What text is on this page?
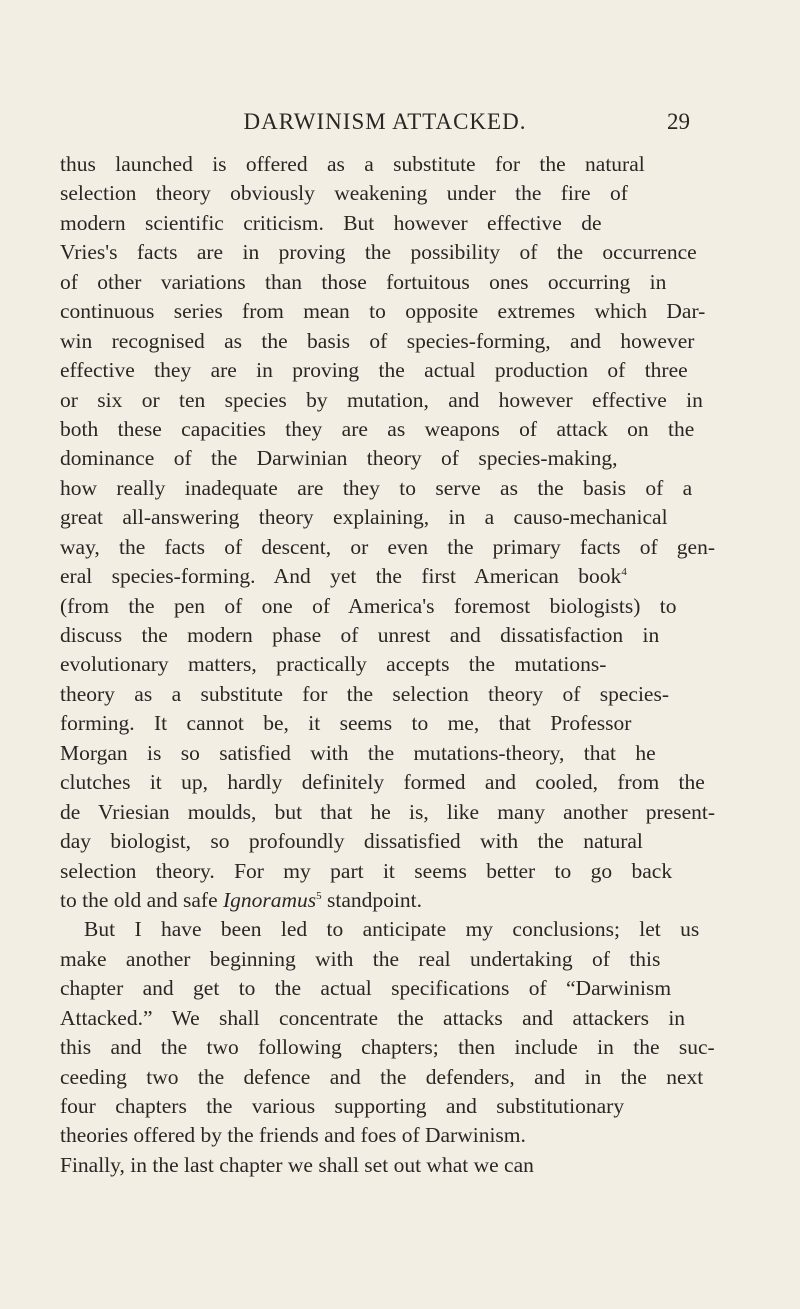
DARWINISM ATTACKED.	29
thus launched is offered as a substitute for the natural
selection theory obviously weakening under the fire of
modern scientific criticism. But however effective de
Vries's facts are in proving the possibility of the occurrence
of other variations than those fortuitous ones occurring in
continuous series from mean to opposite extremes which Dar-
win recognised as the basis of species-forming, and however
effective they are in proving the actual production of three
or six or ten species by mutation, and however effective in
both these capacities they are as weapons of attack on the
dominance of the Darwinian theory of species-making,
how really inadequate are they to serve as the basis of a
great all-answering theory explaining, in a causo-mechanical
way, the facts of descent, or even the primary facts of gen-
eral species-forming. And yet the first American book$^4$
(from the pen of one of America's foremost biologists) to
discuss the modern phase of unrest and dissatisfaction in
evolutionary matters, practically accepts the mutations-
theory as a substitute for the selection theory of species-
forming. It cannot be, it seems to me, that Professor
Morgan is so satisfied with the mutations-theory, that he
clutches it up, hardly definitely formed and cooled, from the
de Vriesian moulds, but that he is, like many another present-
day biologist, so profoundly dissatisfied with the natural
selection theory. For my part it seems better to go back
to the old and safe Ignoramus$^5$ standpoint.
But I have been led to anticipate my conclusions; let us
make another beginning with the real undertaking of this
chapter and get to the actual specifications of “Darwinism
Attacked.” We shall concentrate the attacks and attackers in
this and the two following chapters; then include in the suc-
ceeding two the defence and the defenders, and in the next
four chapters the various supporting and substitutionary
theories offered by the friends and foes of Darwinism.
Finally, in the last chapter we shall set out what we can
